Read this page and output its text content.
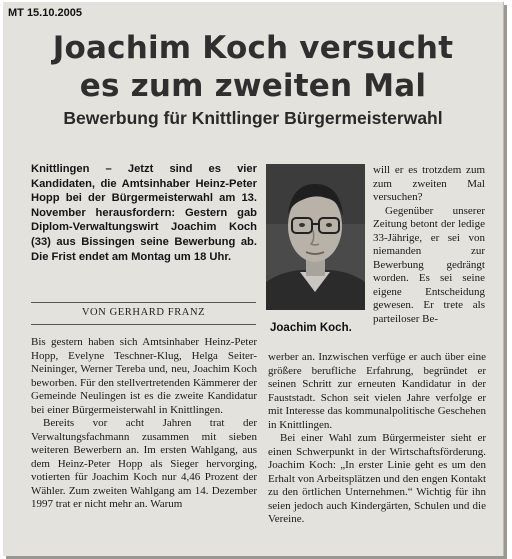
MT 15.10.2005
Joachim Koch versucht
es zum zweiten Mal
Bewerbung für Knittlinger Bürgermeisterwahl
Knittlingen – Jetzt sind es vier Kandidaten, die Amtsinhaber Heinz-Peter Hopp bei der Bürgermeisterwahl am 13. November herausfordern: Gestern gab Diplom-Verwaltungswirt Joachim Koch (33) aus Bissingen seine Bewerbung ab. Die Frist endet am Montag um 18 Uhr.
VON GERHARD FRANZ

Bis gestern haben sich Amtsinhaber Heinz-Peter Hopp, Evelyne Teschner-Klug, Helga Seiter-Neininger, Werner Tereba und, neu, Joachim Koch beworben. Für den stellvertretenden Kämmerer der Gemeinde Neulingen ist es die zweite Kandidatur bei einer Bürgermeisterwahl in Knittlingen.

Bereits vor acht Jahren trat der Verwaltungsfachmann zusammen mit sieben weiteren Bewerbern an. Im ersten Wahlgang, aus dem Heinz-Peter Hopp als Sieger hervorging, votierten für Joachim Koch nur 4,46 Prozent der Wähler. Zum zweiten Wahlgang am 14. Dezember 1997 trat er nicht mehr an. Warum

Joachim Koch.

will er es trotzdem zum zum zweiten Mal versuchen?

Gegenüber unserer Zeitung betont der ledige 33-Jährige, er sei von niemanden zur Bewerbung gedrängt worden. Es sei seine eigene Entscheidung gewesen. Er trete als parteiloser Be-

werber an. Inzwischen verfüge er auch über eine größere berufliche Erfahrung, begründet er seinen Schritt zur erneuten Kandidatur in der Fauststadt. Schon seit vielen Jahre verfolge er mit Interesse das kommunalpolitische Geschehen in Knittlingen.

Bei einer Wahl zum Bürgermeister sieht er einen Schwerpunkt in der Wirtschaftsförderung. Joachim Koch: „In erster Linie geht es um den Erhalt von Arbeitsplätzen und den engen Kontakt zu den örtlichen Unternehmen.“ Wichtig für ihn seien jedoch auch Kindergärten, Schulen und die Vereine.
